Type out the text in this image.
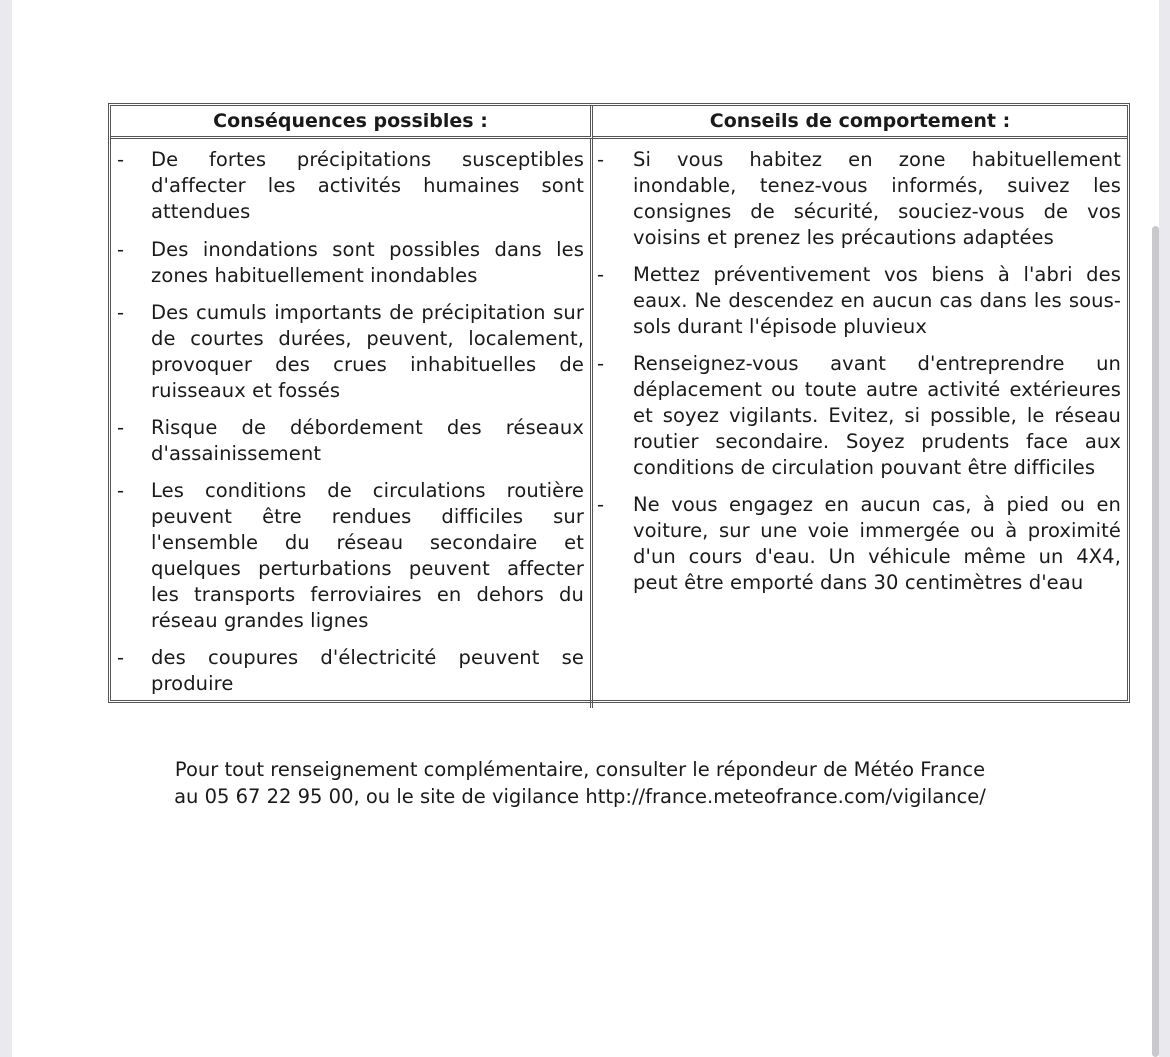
Conséquences possibles :	Conseils de comportement :
- De fortes précipitations susceptibles d'affecter les activités humaines sont attendues
- Des inondations sont possibles dans les zones habituellement inondables
- Des cumuls importants de précipitation sur de courtes durées, peuvent, localement, provoquer des crues inhabituelles de ruisseaux et fossés
- Risque de débordement des réseaux d'assainissement
- Les conditions de circulations routière peuvent être rendues difficiles sur l'ensemble du réseau secondaire et quelques perturbations peuvent affecter les transports ferroviaires en dehors du réseau grandes lignes
- des coupures d'électricité peuvent se produire
- Si vous habitez en zone habituellement inondable, tenez-vous informés, suivez les consignes de sécurité, souciez-vous de vos voisins et prenez les précautions adaptées
- Mettez préventivement vos biens à l'abri des eaux. Ne descendez en aucun cas dans les sous-sols durant l'épisode pluvieux
- Renseignez-vous avant d'entreprendre un déplacement ou toute autre activité extérieures et soyez vigilants. Evitez, si possible, le réseau routier secondaire. Soyez prudents face aux conditions de circulation pouvant être difficiles
- Ne vous engagez en aucun cas, à pied ou en voiture, sur une voie immergée ou à proximité d'un cours d'eau. Un véhicule même un 4X4, peut être emporté dans 30 centimètres d'eau
Pour tout renseignement complémentaire, consulter le répondeur de Météo France
au 05 67 22 95 00, ou le site de vigilance http://france.meteofrance.com/vigilance/
